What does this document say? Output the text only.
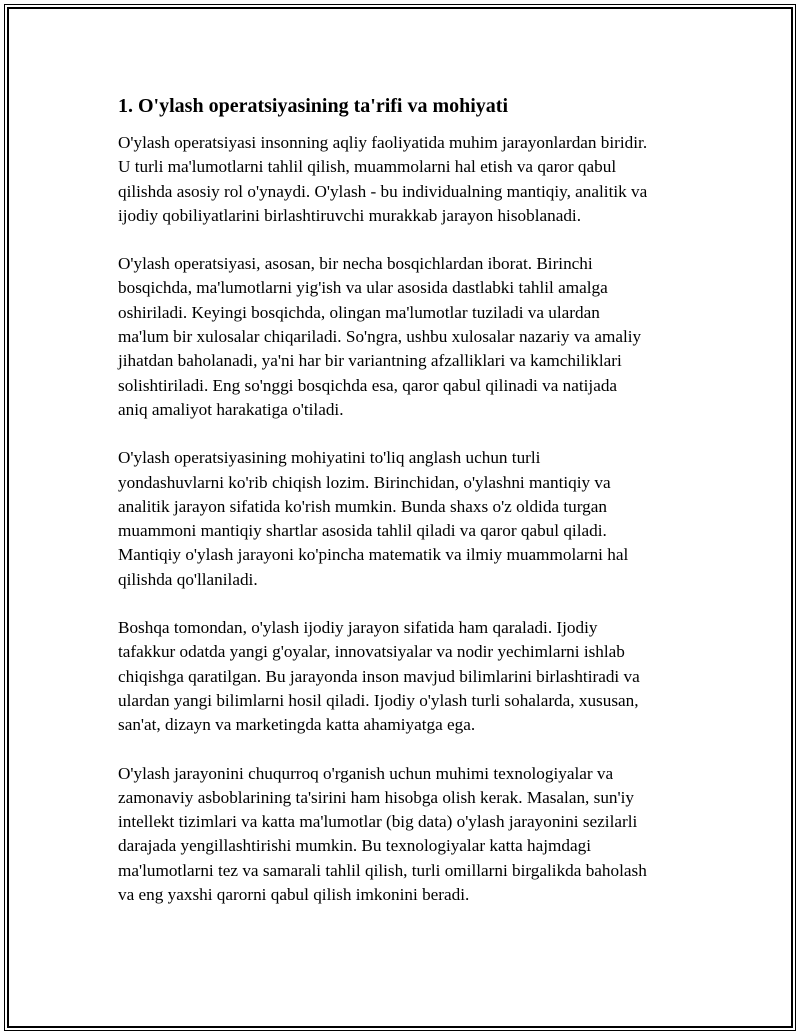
1. O'ylash operatsiyasining ta'rifi va mohiyati

O'ylash operatsiyasi insonning aqliy faoliyatida muhim jarayonlardan biridir.
U turli ma'lumotlarni tahlil qilish, muammolarni hal etish va qaror qabul
qilishda asosiy rol o'ynaydi. O'ylash - bu individualning mantiqiy, analitik va
ijodiy qobiliyatlarini birlashtiruvchi murakkab jarayon hisoblanadi.

O'ylash operatsiyasi, asosan, bir necha bosqichlardan iborat. Birinchi
bosqichda, ma'lumotlarni yig'ish va ular asosida dastlabki tahlil amalga
oshiriladi. Keyingi bosqichda, olingan ma'lumotlar tuziladi va ulardan
ma'lum bir xulosalar chiqariladi. So'ngra, ushbu xulosalar nazariy va amaliy
jihatdan baholanadi, ya'ni har bir variantning afzalliklari va kamchiliklari
solishtiriladi. Eng so'nggi bosqichda esa, qaror qabul qilinadi va natijada
aniq amaliyot harakatiga o'tiladi.

O'ylash operatsiyasining mohiyatini to'liq anglash uchun turli
yondashuvlarni ko'rib chiqish lozim. Birinchidan, o'ylashni mantiqiy va
analitik jarayon sifatida ko'rish mumkin. Bunda shaxs o'z oldida turgan
muammoni mantiqiy shartlar asosida tahlil qiladi va qaror qabul qiladi.
Mantiqiy o'ylash jarayoni ko'pincha matematik va ilmiy muammolarni hal
qilishda qo'llaniladi.

Boshqa tomondan, o'ylash ijodiy jarayon sifatida ham qaraladi. Ijodiy
tafakkur odatda yangi g'oyalar, innovatsiyalar va nodir yechimlarni ishlab
chiqishga qaratilgan. Bu jarayonda inson mavjud bilimlarini birlashtiradi va
ulardan yangi bilimlarni hosil qiladi. Ijodiy o'ylash turli sohalarda, xususan,
san'at, dizayn va marketingda katta ahamiyatga ega.

O'ylash jarayonini chuqurroq o'rganish uchun muhimi texnologiyalar va
zamonaviy asboblarining ta'sirini ham hisobga olish kerak. Masalan, sun'iy
intellekt tizimlari va katta ma'lumotlar (big data) o'ylash jarayonini sezilarli
darajada yengillashtirishi mumkin. Bu texnologiyalar katta hajmdagi
ma'lumotlarni tez va samarali tahlil qilish, turli omillarni birgalikda baholash
va eng yaxshi qarorni qabul qilish imkonini beradi.
